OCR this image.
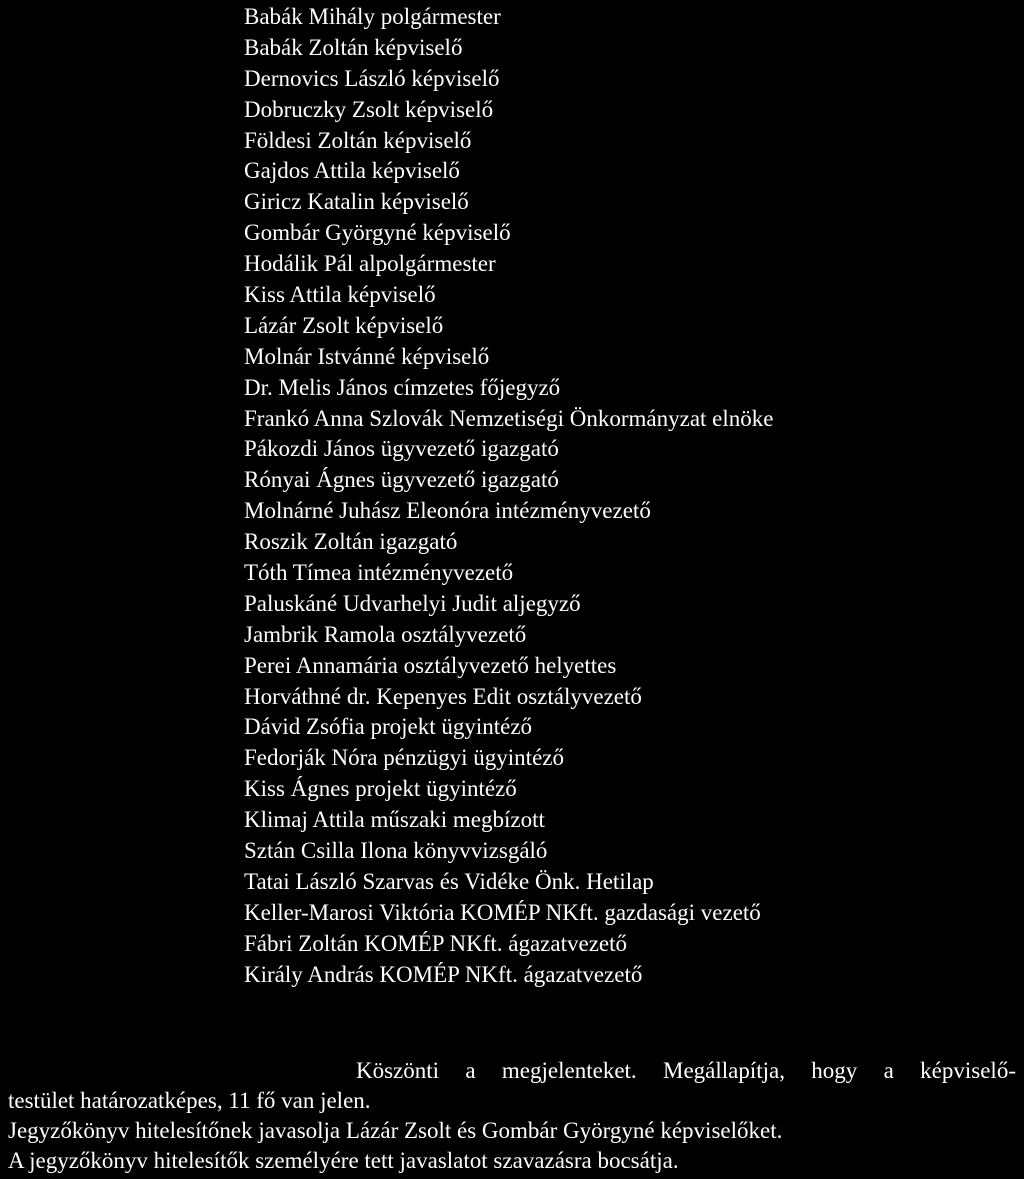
Babák Mihály polgármester
Babák Zoltán képviselő
Dernovics László képviselő
Dobruczky Zsolt képviselő
Földesi Zoltán képviselő
Gajdos Attila képviselő
Giricz Katalin képviselő
Gombár Györgyné képviselő
Hodálik Pál alpolgármester
Kiss Attila képviselő
Lázár Zsolt képviselő
Molnár Istvánné képviselő
Dr. Melis János címzetes főjegyző
Frankó Anna Szlovák Nemzetiségi Önkormányzat elnöke
Pákozdi János ügyvezető igazgató
Rónyai Ágnes ügyvezető igazgató
Molnárné Juhász Eleonóra intézményvezető
Roszik Zoltán igazgató
Tóth Tímea intézményvezető
Paluskáné Udvarhelyi Judit aljegyző
Jambrik Ramola osztályvezető
Perei Annamária osztályvezető helyettes
Horváthné dr. Kepenyes Edit osztályvezető
Dávid Zsófia projekt ügyintéző
Fedorják Nóra pénzügyi ügyintéző
Kiss Ágnes projekt ügyintéző
Klimaj Attila műszaki megbízott
Sztán Csilla Ilona könyvvizsgáló
Tatai László Szarvas és Vidéke Önk. Hetilap
Keller-Marosi Viktória KOMÉP NKft. gazdasági vezető
Fábri Zoltán KOMÉP NKft. ágazatvezető
Király András KOMÉP NKft. ágazatvezető
Köszönti a megjelenteket. Megállapítja, hogy a képviselő-
testület határozatképes, 11 fő van jelen.
Jegyzőkönyv hitelesítőnek javasolja Lázár Zsolt és Gombár Györgyné képviselőket.
A jegyzőkönyv hitelesítők személyére tett javaslatot szavazásra bocsátja.
